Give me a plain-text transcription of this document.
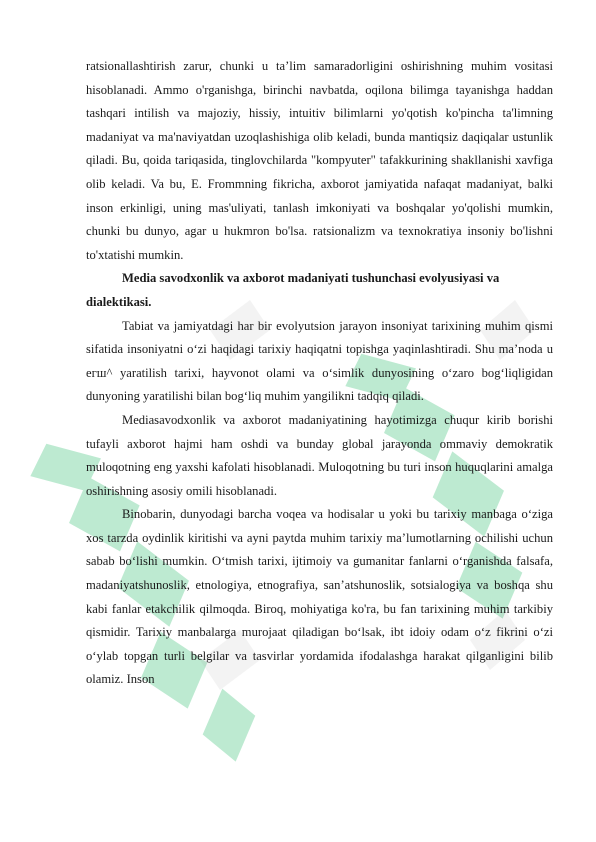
ratsionallashtirish zarur, chunki u ta’lim samaradorligini oshirishning muhim vositasi hisoblanadi. Ammo o'rganishga, birinchi navbatda, oqilona bilimga tayanishga haddan tashqari intilish va majoziy, hissiy, intuitiv bilimlarni yo'qotish ko'pincha ta'limning madaniyat va ma'naviyatdan uzoqlashishiga olib keladi, bunda mantiqsiz daqiqalar ustunlik qiladi. Bu, qoida tariqasida, tinglovchilarda "kompyuter" tafakkurining shakllanishi xavfiga olib keladi. Va bu, E. Frommning fikricha, axborot jamiyatida nafaqat madaniyat, balki inson erkinligi, uning mas'uliyati, tanlash imkoniyati va boshqalar yo'qolishi mumkin, chunki bu dunyo, agar u hukmron bo'lsa. ratsionalizm va texnokratiya insoniy bo'lishni to'xtatishi mumkin.

Media savodxonlik va axborot madaniyati tushunchasi evolyusiyasi va

dialektikasi.

Tabiat va jamiyatdagi har bir evolyutsion jarayon insoniyat tarixining muhim qismi sifatida insoniyatni o‘zi haqidagi tarixiy haqiqatni topishga yaqinlashtiradi. Shu ma’noda u егш^ yaratilish tarixi, hayvonot olami va o‘simlik dunyosining o‘zaro bog‘liqligidan dunyoning yaratilishi bilan bog‘liq muhim yangilikni tadqiq qiladi.

Mediasavodxonlik va axborot madaniyatining hayotimizga chuqur kirib borishi tufayli axborot hajmi ham oshdi va bunday global jarayonda ommaviy demokratik muloqotning eng yaxshi kafolati hisoblanadi. Muloqotning bu turi inson huquqlarini amalga oshirishning asosiy omili hisoblanadi.

Binobarin, dunyodagi barcha voqea va hodisalar u yoki bu tarixiy manbaga o‘ziga xos tarzda oydinlik kiritishi va ayni paytda muhim tarixiy ma’lumotlarning ochilishi uchun sabab bo‘lishi mumkin. O‘tmish tarixi, ijtimoiy va gumanitar fanlarni o‘rganishda falsafa, madaniyatshunoslik, etnologiya, etnografiya, san’atshunoslik, sotsialogiya va boshqa shu kabi fanlar etakchilik qilmoqda. Biroq, mohiyatiga ko'ra, bu fan tarixining muhim tarkibiy qismidir. Tarixiy manbalarga murojaat qiladigan bo‘lsak, ibt idoiy odam o‘z fikrini o‘zi o‘ylab topgan turli belgilar va tasvirlar yordamida ifodalashga harakat qilganligini bilib olamiz. Inson
